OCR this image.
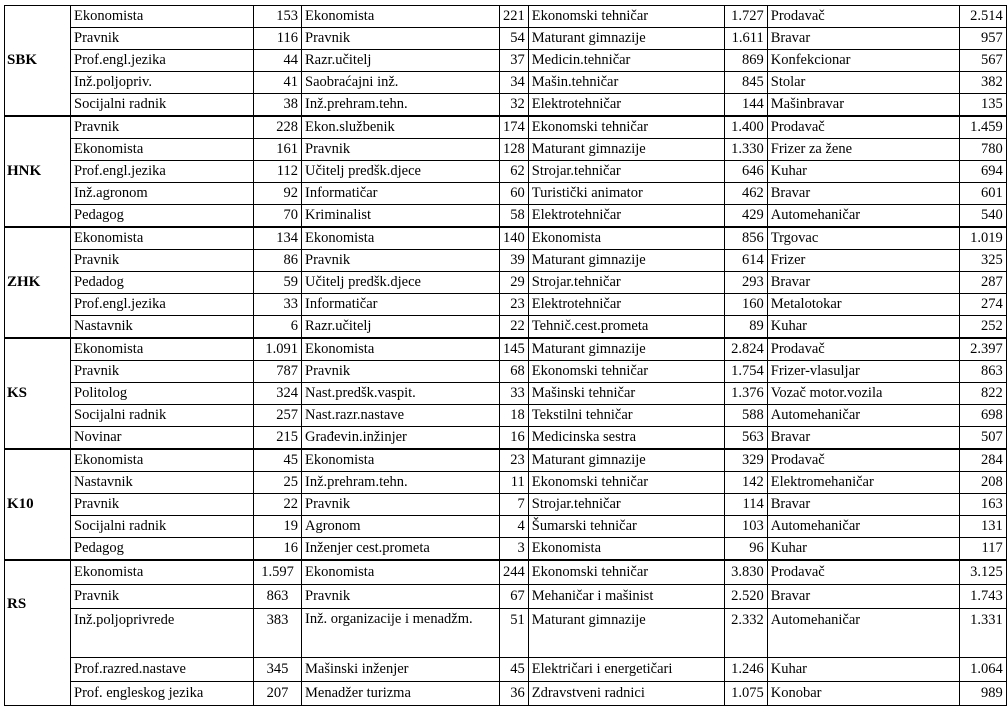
SBK	Ekonomista	153	Ekonomista	221	Ekonomski tehničar	1.727	Prodavač	2.514
	Pravnik	116	Pravnik	54	Maturant gimnazije	1.611	Bravar	957
	Prof.engl.jezika	44	Razr.učitelj	37	Medicin.tehničar	869	Konfekcionar	567
	Inž.poljopriv.	41	Saobraćajni inž.	34	Mašin.tehničar	845	Stolar	382
	Socijalni radnik	38	Inž.prehram.tehn.	32	Elektrotehničar	144	Mašinbravar	135
HNK	Pravnik	228	Ekon.službenik	174	Ekonomski tehničar	1.400	Prodavač	1.459
	Ekonomista	161	Pravnik	128	Maturant gimnazije	1.330	Frizer za žene	780
	Prof.engl.jezika	112	Učitelj predšk.djece	62	Strojar.tehničar	646	Kuhar	694
	Inž.agronom	92	Informatičar	60	Turistički animator	462	Bravar	601
	Pedagog	70	Kriminalist	58	Elektrotehničar	429	Automehaničar	540
ZHK	Ekonomista	134	Ekonomista	140	Ekonomista	856	Trgovac	1.019
	Pravnik	86	Pravnik	39	Maturant gimnazije	614	Frizer	325
	Pedadog	59	Učitelj predšk.djece	29	Strojar.tehničar	293	Bravar	287
	Prof.engl.jezika	33	Informatičar	23	Elektrotehničar	160	Metalotokar	274
	Nastavnik	6	Razr.učitelj	22	Tehnič.cest.prometa	89	Kuhar	252
KS	Ekonomista	1.091	Ekonomista	145	Maturant gimnazije	2.824	Prodavač	2.397
	Pravnik	787	Pravnik	68	Ekonomski tehničar	1.754	Frizer-vlasuljar	863
	Politolog	324	Nast.predšk.vaspit.	33	Mašinski tehničar	1.376	Vozač motor.vozila	822
	Socijalni radnik	257	Nast.razr.nastave	18	Tekstilni tehničar	588	Automehaničar	698
	Novinar	215	Građevin.inžinjer	16	Medicinska sestra	563	Bravar	507
K10	Ekonomista	45	Ekonomista	23	Maturant gimnazije	329	Prodavač	284
	Nastavnik	25	Inž.prehram.tehn.	11	Ekonomski tehničar	142	Elektromehaničar	208
	Pravnik	22	Pravnik	7	Strojar.tehničar	114	Bravar	163
	Socijalni radnik	19	Agronom	4	Šumarski tehničar	103	Automehaničar	131
	Pedagog	16	Inženjer cest.prometa	3	Ekonomista	96	Kuhar	117
RS	Ekonomista	1.597	Ekonomista	244	Ekonomski tehničar	3.830	Prodavač	3.125
	Pravnik	863	Pravnik	67	Mehaničar i mašinist	2.520	Bravar	1.743
	Inž.poljoprivrede	383	Inž. organizacije i menadžm.	51	Maturant gimnazije	2.332	Automehaničar	1.331
	Prof.razred.nastave	345	Mašinski inženjer	45	Električari i energetičari	1.246	Kuhar	1.064
	Prof. engleskog jezika	207	Menadžer turizma	36	Zdravstveni radnici	1.075	Konobar	989
